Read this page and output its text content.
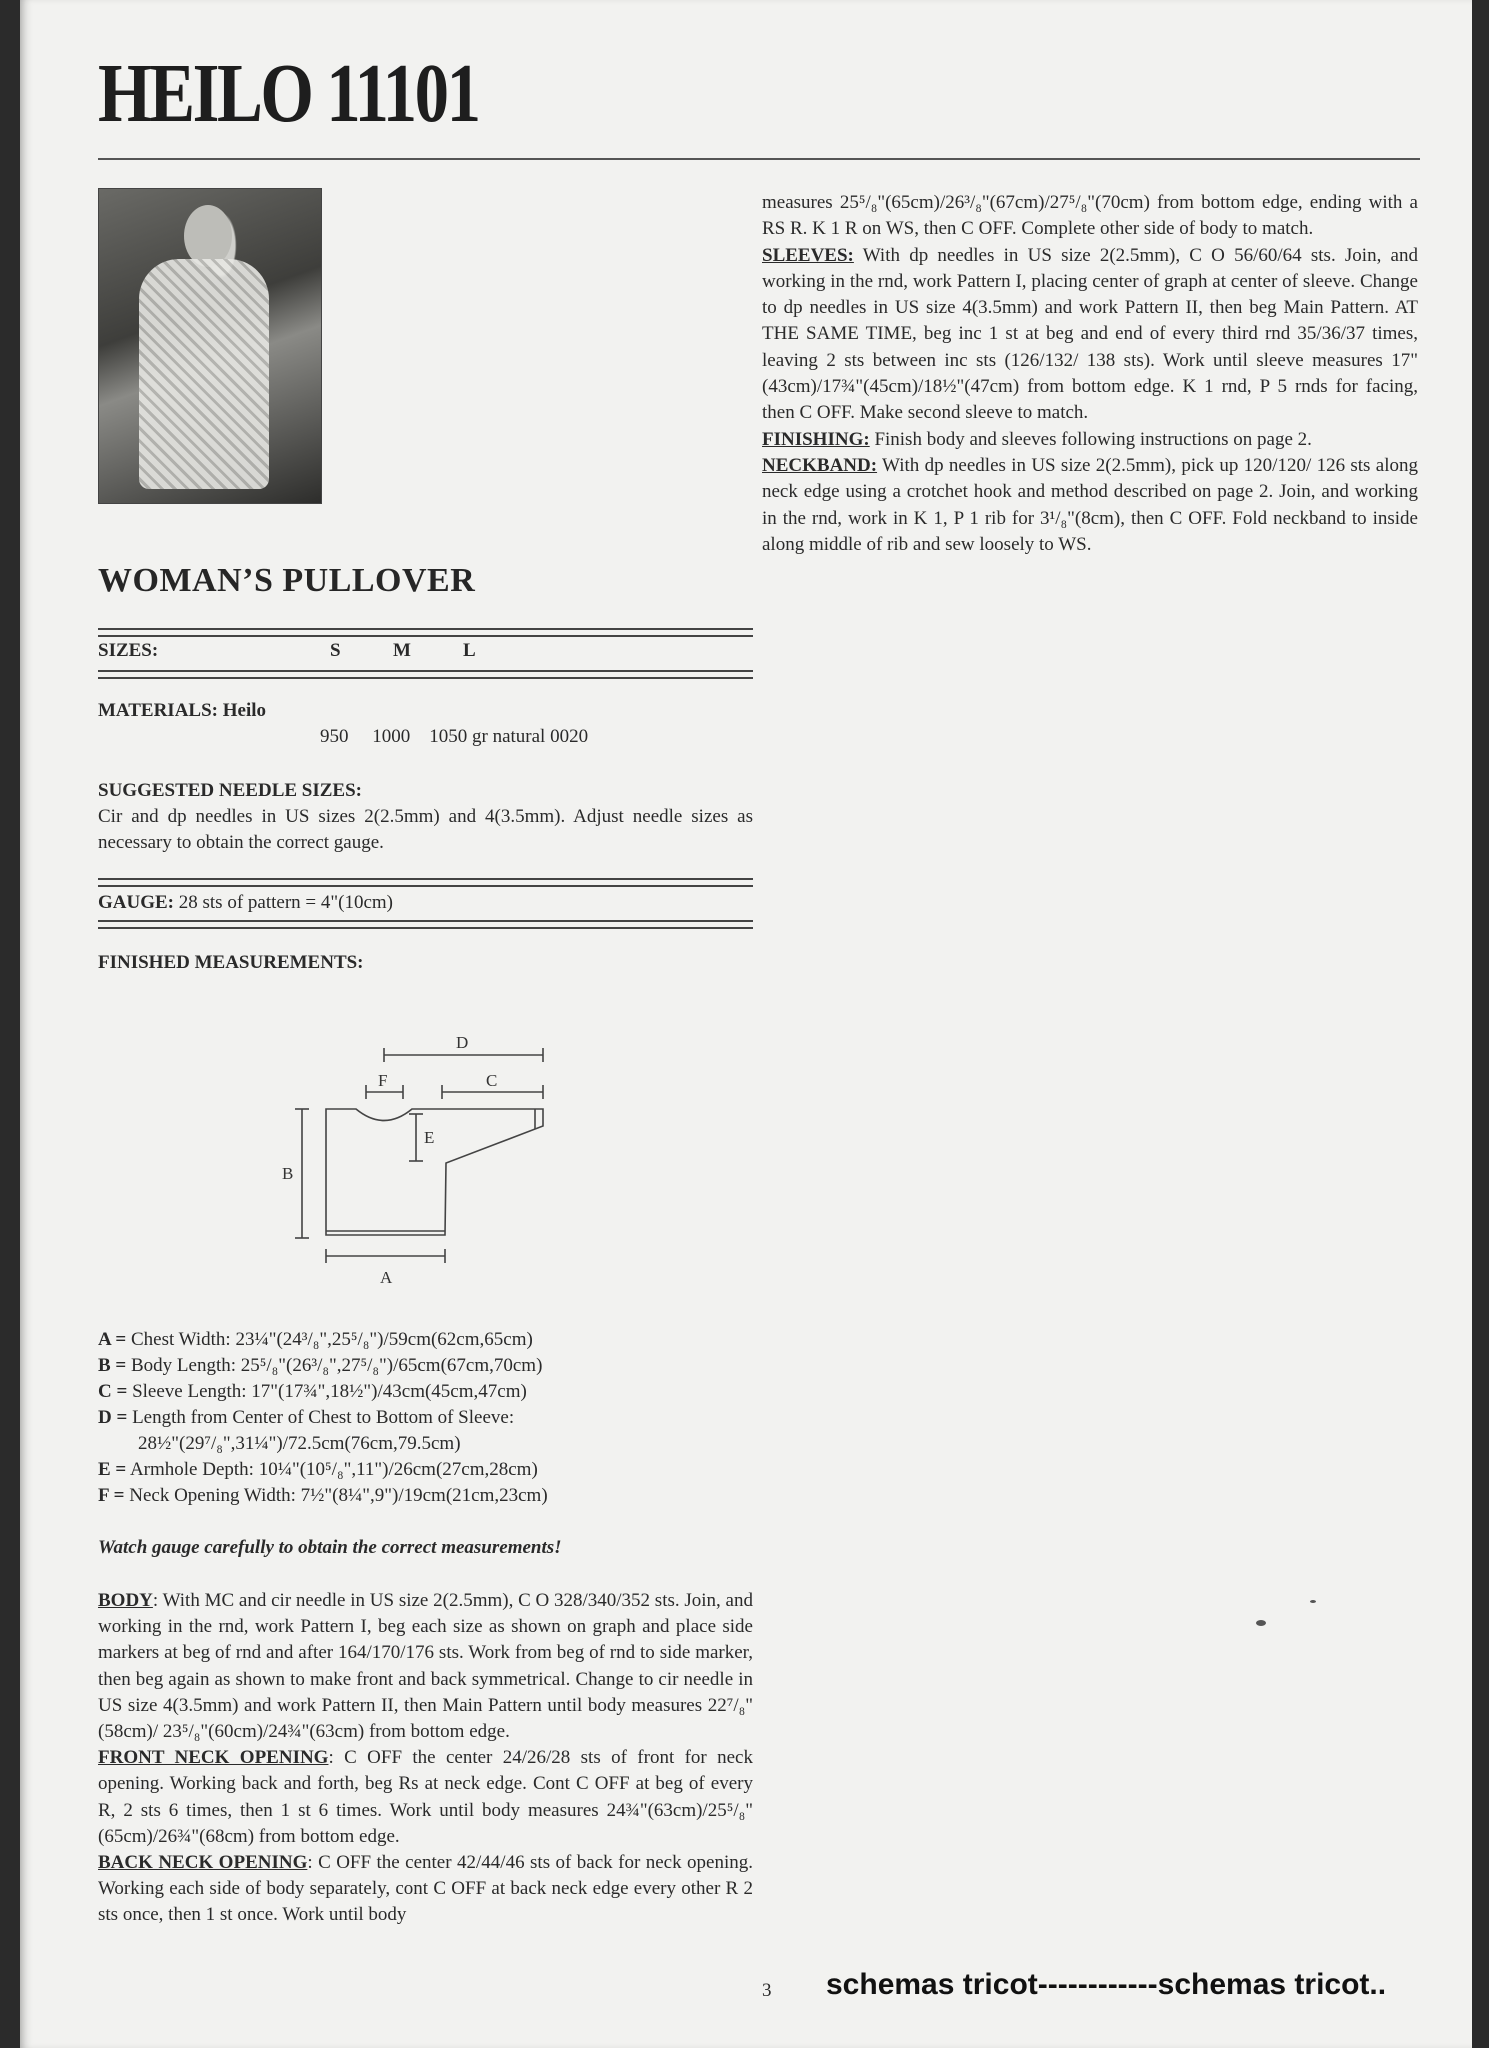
HEILO 11101
WOMAN’S PULLOVER
SIZES:	S	M	L
MATERIALS: Heilo
950     1000    1050 gr natural 0020
SUGGESTED NEEDLE SIZES:
Cir and dp needles in US sizes 2(2.5mm) and 4(3.5mm). Adjust needle sizes as necessary to obtain the correct gauge.
GAUGE: 28 sts of pattern = 4"(10cm)
FINISHED MEASUREMENTS:
D
F	C
E
B
A
A = Chest Width: 23¼"(24³/₈",25⁵/₈")/59cm(62cm,65cm)
B = Body Length: 25⁵/₈"(26³/₈",27⁵/₈")/65cm(67cm,70cm)
C = Sleeve Length: 17"(17¾",18½")/43cm(45cm,47cm)
D = Length from Center of Chest to Bottom of Sleeve:
28½"(29⁷/₈",31¼")/72.5cm(76cm,79.5cm)
E = Armhole Depth: 10¼"(10⁵/₈",11")/26cm(27cm,28cm)
F = Neck Opening Width: 7½"(8¼",9")/19cm(21cm,23cm)
Watch gauge carefully to obtain the correct measurements!
BODY: With MC and cir needle in US size 2(2.5mm), C O 328/340/352 sts. Join, and working in the rnd, work Pattern I, beg each size as shown on graph and place side markers at beg of rnd and after 164/170/176 sts. Work from beg of rnd to side marker, then beg again as shown to make front and back symmetrical. Change to cir needle in US size 4(3.5mm) and work Pattern II, then Main Pattern until body measures 22⁷/₈"(58cm)/ 23⁵/₈"(60cm)/24¾"(63cm) from bottom edge.
FRONT NECK OPENING: C OFF the center 24/26/28 sts of front for neck opening. Working back and forth, beg Rs at neck edge. Cont C OFF at beg of every R, 2 sts 6 times, then 1 st 6 times. Work until body measures 24¾"(63cm)/25⁵/₈"(65cm)/26¾"(68cm) from bottom edge.
BACK NECK OPENING: C OFF the center 42/44/46 sts of back for neck opening. Working each side of body separately, cont C OFF at back neck edge every other R 2 sts once, then 1 st once. Work until body
measures 25⁵/₈"(65cm)/26³/₈"(67cm)/27⁵/₈"(70cm) from bottom edge, ending with a RS R. K 1 R on WS, then C OFF. Complete other side of body to match.
SLEEVES: With dp needles in US size 2(2.5mm), C O 56/60/64 sts. Join, and working in the rnd, work Pattern I, placing center of graph at center of sleeve. Change to dp needles in US size 4(3.5mm) and work Pattern II, then beg Main Pattern. AT THE SAME TIME, beg inc 1 st at beg and end of every third rnd 35/36/37 times, leaving 2 sts between inc sts (126/132/ 138 sts). Work until sleeve measures 17"(43cm)/17¾"(45cm)/18½"(47cm) from bottom edge. K 1 rnd, P 5 rnds for facing, then C OFF. Make second sleeve to match.
FINISHING: Finish body and sleeves following instructions on page 2.
NECKBAND: With dp needles in US size 2(2.5mm), pick up 120/120/ 126 sts along neck edge using a crotchet hook and method described on page 2. Join, and working in the rnd, work in K 1, P 1 rib for 3¹/₈"(8cm), then C OFF. Fold neckband to inside along middle of rib and sew loosely to WS.
3 schemas tricot------------schemas tricot..
